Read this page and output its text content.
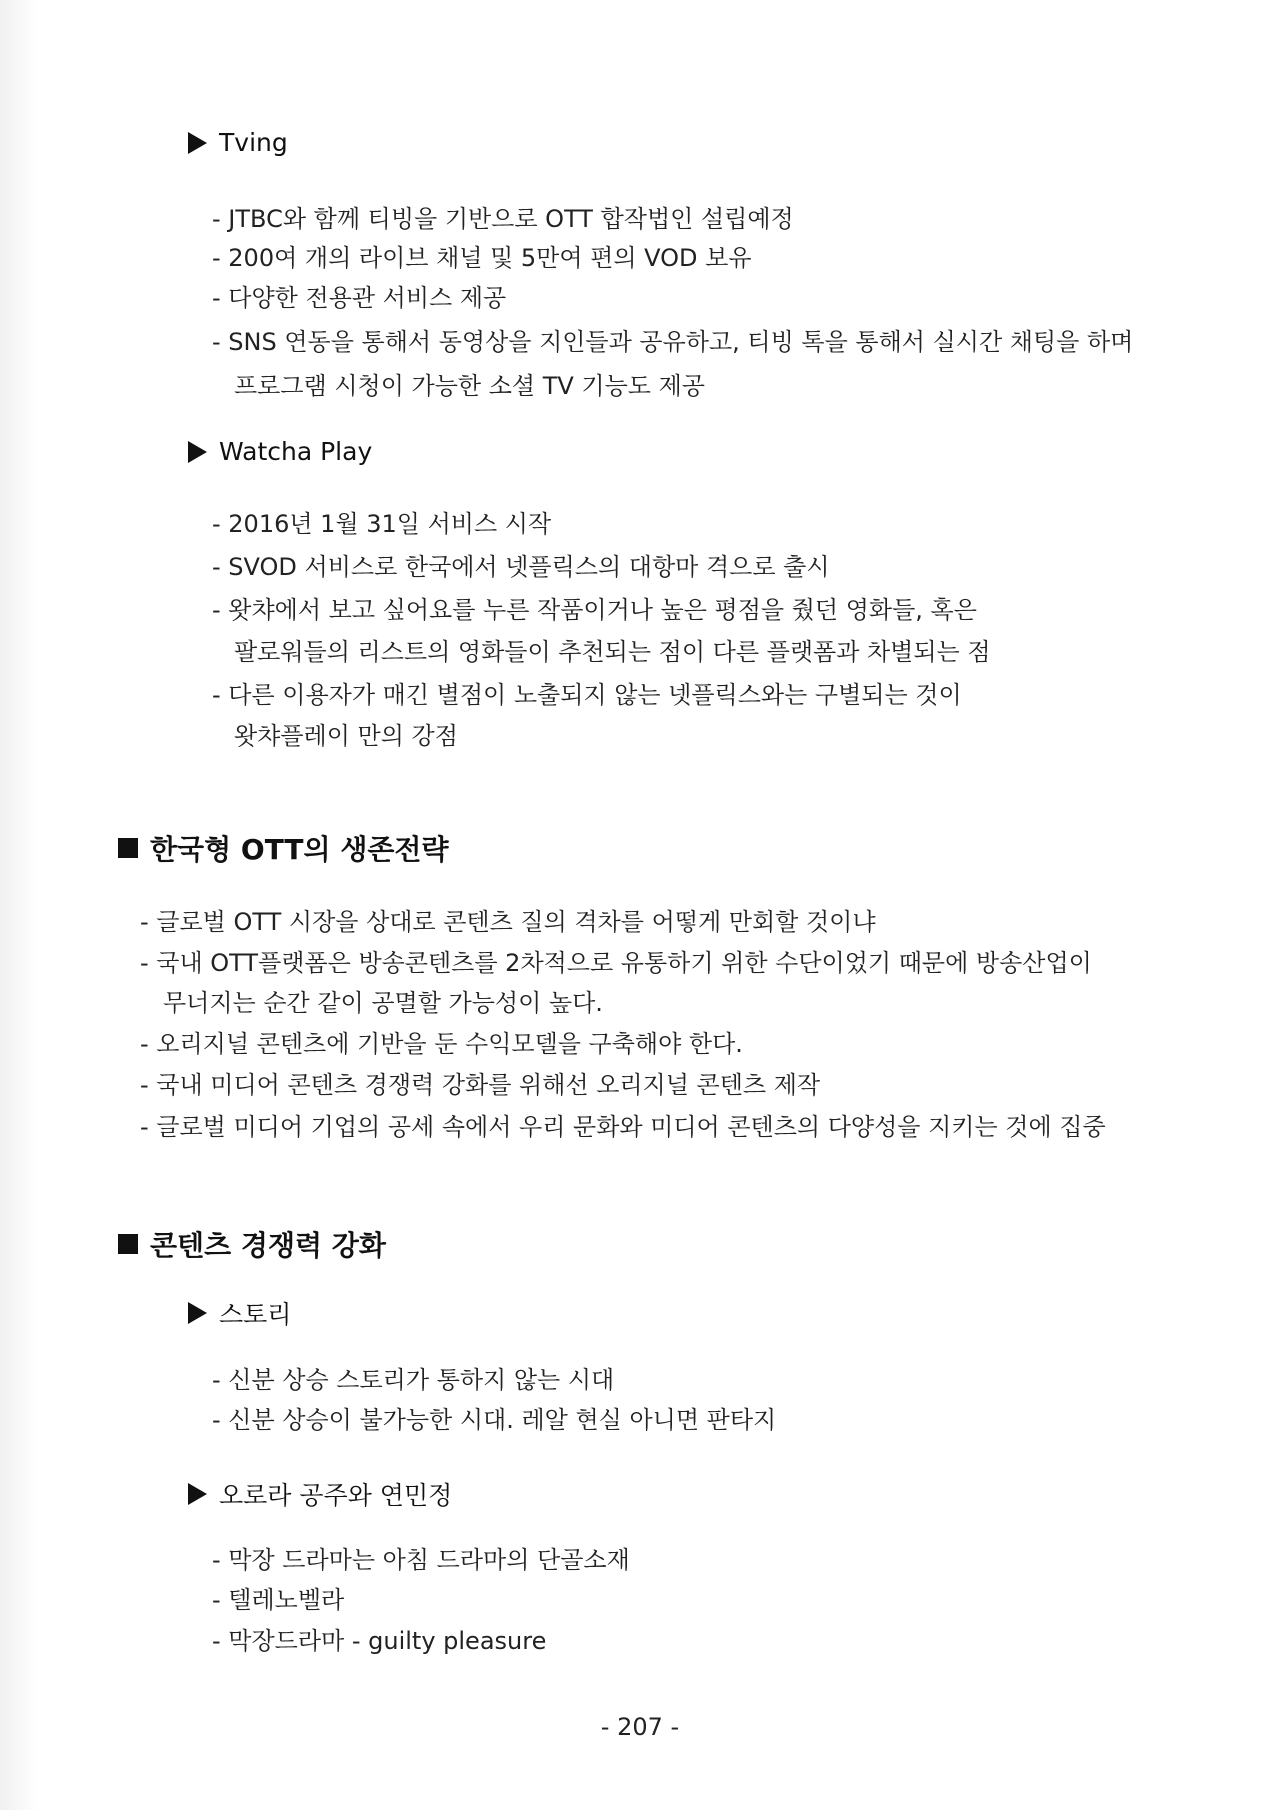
Tving
- JTBC와 함께 티빙을 기반으로 OTT 합작법인 설립예정
- 200여 개의 라이브 채널 및 5만여 편의 VOD 보유
- 다양한 전용관 서비스 제공
- SNS 연동을 통해서 동영상을 지인들과 공유하고, 티빙 톡을 통해서 실시간 채팅을 하며
프로그램 시청이 가능한 소셜 TV 기능도 제공
Watcha Play
- 2016년 1월 31일 서비스 시작
- SVOD 서비스로 한국에서 넷플릭스의 대항마 격으로 출시
- 왓챠에서 보고 싶어요를 누른 작품이거나 높은 평점을 줬던 영화들, 혹은
팔로워들의 리스트의 영화들이 추천되는 점이 다른 플랫폼과 차별되는 점
- 다른 이용자가 매긴 별점이 노출되지 않는 넷플릭스와는 구별되는 것이
왓챠플레이 만의 강점
한국형 OTT의 생존전략
- 글로벌 OTT 시장을 상대로 콘텐츠 질의 격차를 어떻게 만회할 것이냐
- 국내 OTT플랫폼은 방송콘텐츠를 2차적으로 유통하기 위한 수단이었기 때문에 방송산업이
무너지는 순간 같이 공멸할 가능성이 높다.
- 오리지널 콘텐츠에 기반을 둔 수익모델을 구축해야 한다.
- 국내 미디어 콘텐츠 경쟁력 강화를 위해선 오리지널 콘텐츠 제작
- 글로벌 미디어 기업의 공세 속에서 우리 문화와 미디어 콘텐츠의 다양성을 지키는 것에 집중
콘텐츠 경쟁력 강화
스토리
- 신분 상승 스토리가 통하지 않는 시대
- 신분 상승이 불가능한 시대. 레알 현실 아니면 판타지
오로라 공주와 연민정
- 막장 드라마는 아침 드라마의 단골소재
- 텔레노벨라
- 막장드라마 - guilty pleasure
- 207 -
